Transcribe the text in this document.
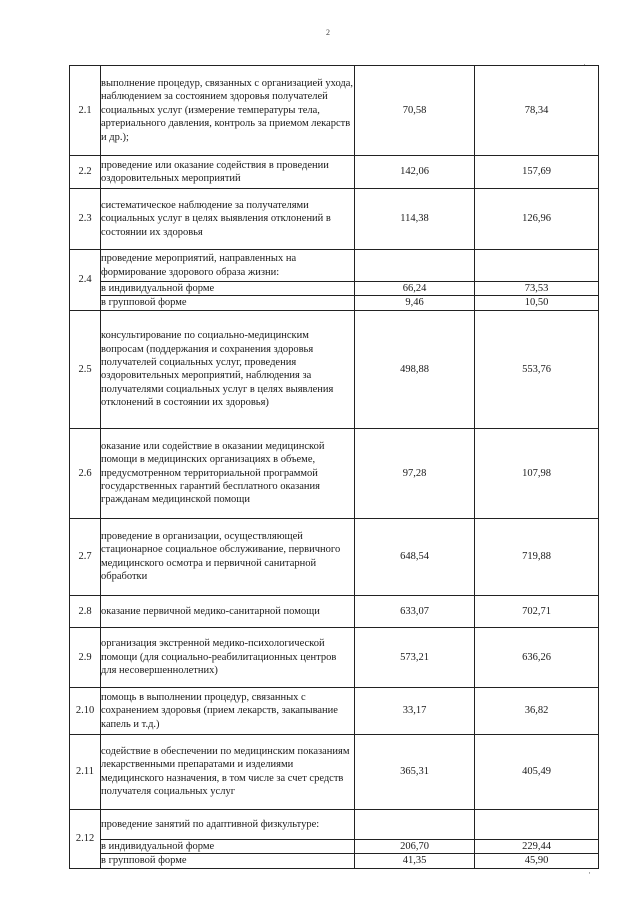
2
·
·
2.1	выполнение процедур, связанных с организацией ухода, наблюдением за состоянием здоровья получателей социальных услуг (измерение температуры тела, артериального давления, контроль за приемом лекарств и др.);	70,58	78,34
2.2	проведение или оказание содействия в проведении оздоровительных мероприятий	142,06	157,69
2.3	систематическое наблюдение за получателями социальных услуг в целях выявления отклонений в состоянии их здоровья	114,38	126,96
2.4	проведение мероприятий, направленных на формирование здорового образа жизни:		
	в индивидуальной форме	66,24	73,53
	в групповой форме	9,46	10,50
2.5	консультирование по социально-медицинским вопросам (поддержания и сохранения здоровья получателей социальных услуг, проведения оздоровительных мероприятий, наблюдения за получателями социальных услуг в целях выявления отклонений в состоянии их здоровья)	498,88	553,76
2.6	оказание или содействие в оказании медицинской помощи в медицинских организациях в объеме, предусмотренном территориальной программой государственных гарантий бесплатного оказания гражданам медицинской помощи	97,28	107,98
2.7	проведение в организации, осуществляющей стационарное социальное обслуживание, первичного медицинского осмотра и первичной санитарной обработки	648,54	719,88
2.8	оказание первичной медико-санитарной помощи	633,07	702,71
2.9	организация экстренной медико-психологической помощи (для социально-реабилитационных центров для несовершеннолетних)	573,21	636,26
2.10	помощь в выполнении процедур, связанных с сохранением здоровья (прием лекарств, закапывание капель и т.д.)	33,17	36,82
2.11	содействие в обеспечении по медицинским показаниям лекарственными препаратами и изделиями медицинского назначения, в том числе за счет средств получателя социальных услуг	365,31	405,49
2.12	проведение занятий по адаптивной физкультуре:		
	в индивидуальной форме	206,70	229,44
	в групповой форме	41,35	45,90
